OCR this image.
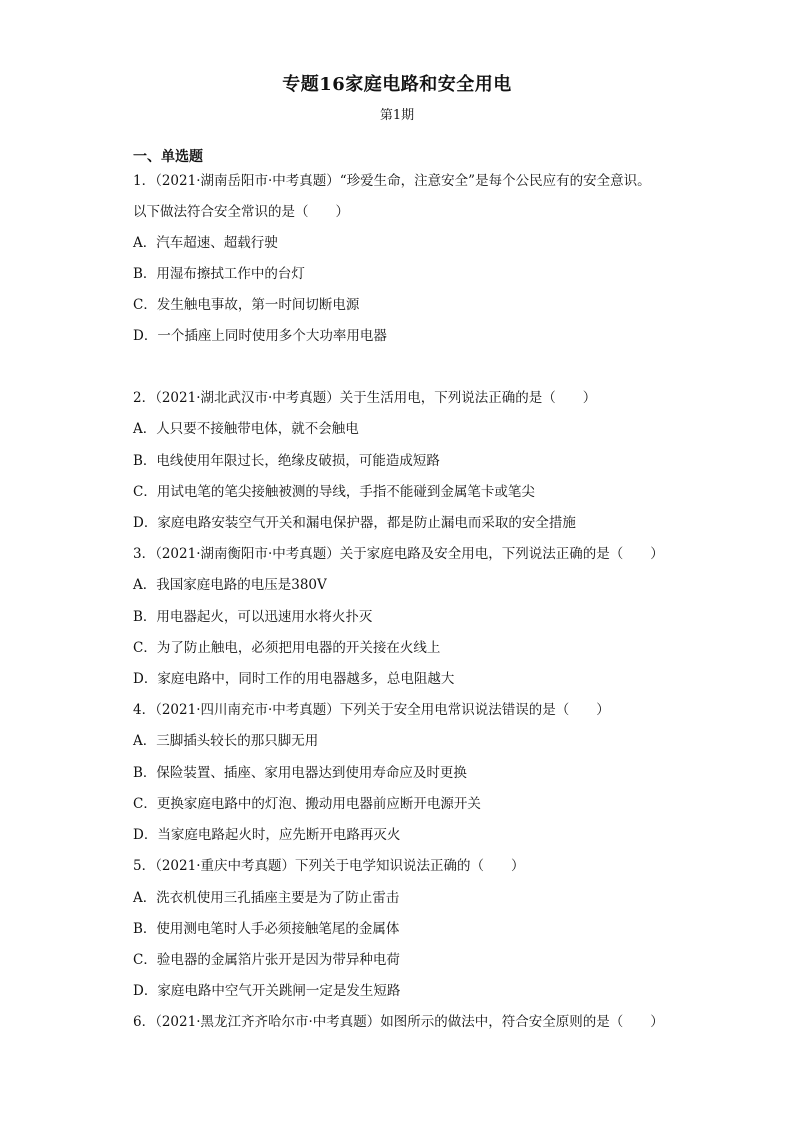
专题16家庭电路和安全用电
第1期
一、单选题
1．（2021·湖南岳阳市·中考真题）“珍爱生命，注意安全”是每个公民应有的安全意识。
以下做法符合安全常识的是（　　）
A．汽车超速、超载行驶
B．用湿布擦拭工作中的台灯
C．发生触电事故，第一时间切断电源
D．一个插座上同时使用多个大功率用电器
2．（2021·湖北武汉市·中考真题）关于生活用电，下列说法正确的是（　　）
A．人只要不接触带电体，就不会触电
B．电线使用年限过长，绝缘皮破损，可能造成短路
C．用试电笔的笔尖接触被测的导线，手指不能碰到金属笔卡或笔尖
D．家庭电路安装空气开关和漏电保护器，都是防止漏电而采取的安全措施
3．（2021·湖南衡阳市·中考真题）关于家庭电路及安全用电，下列说法正确的是（　　）
A．我国家庭电路的电压是380V
B．用电器起火，可以迅速用水将火扑灭
C．为了防止触电，必须把用电器的开关接在火线上
D．家庭电路中，同时工作的用电器越多，总电阻越大
4．（2021·四川南充市·中考真题）下列关于安全用电常识说法错误的是（　　）
A．三脚插头较长的那只脚无用
B．保险装置、插座、家用电器达到使用寿命应及时更换
C．更换家庭电路中的灯泡、搬动用电器前应断开电源开关
D．当家庭电路起火时，应先断开电路再灭火
5．（2021·重庆中考真题）下列关于电学知识说法正确的（　　）
A．洗衣机使用三孔插座主要是为了防止雷击
B．使用测电笔时人手必须接触笔尾的金属体
C．验电器的金属箔片张开是因为带异种电荷
D．家庭电路中空气开关跳闸一定是发生短路
6．（2021·黑龙江齐齐哈尔市·中考真题）如图所示的做法中，符合安全原则的是（　　）
